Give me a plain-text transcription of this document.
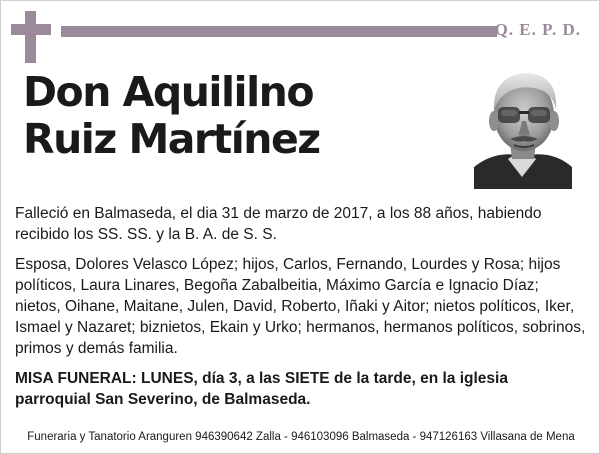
Q. E. P. D.
Don Aquililno
Ruiz Martínez

Falleció en Balmaseda, el dia 31 de marzo de 2017, a los 88 años, habiendo recibido los SS. SS. y la B. A. de S. S.

Esposa, Dolores Velasco López; hijos, Carlos, Fernando, Lourdes y Rosa; hijos políticos, Laura Linares, Begoña Zabalbeitia, Máximo García e Ignacio Díaz; nietos, Oihane, Maitane, Julen, David, Roberto, Iñaki y Aitor; nietos políticos, Iker, Ismael y Nazaret; biznietos, Ekain y Urko; hermanos, hermanos políticos, sobrinos, primos y demás familia.

MISA FUNERAL: LUNES, día 3, a las SIETE de la tarde, en la iglesia parroquial San Severino, de Balmaseda.

Funeraria y Tanatorio Aranguren 946390642 Zalla - 946103096 Balmaseda - 947126163 Villasana de Mena
